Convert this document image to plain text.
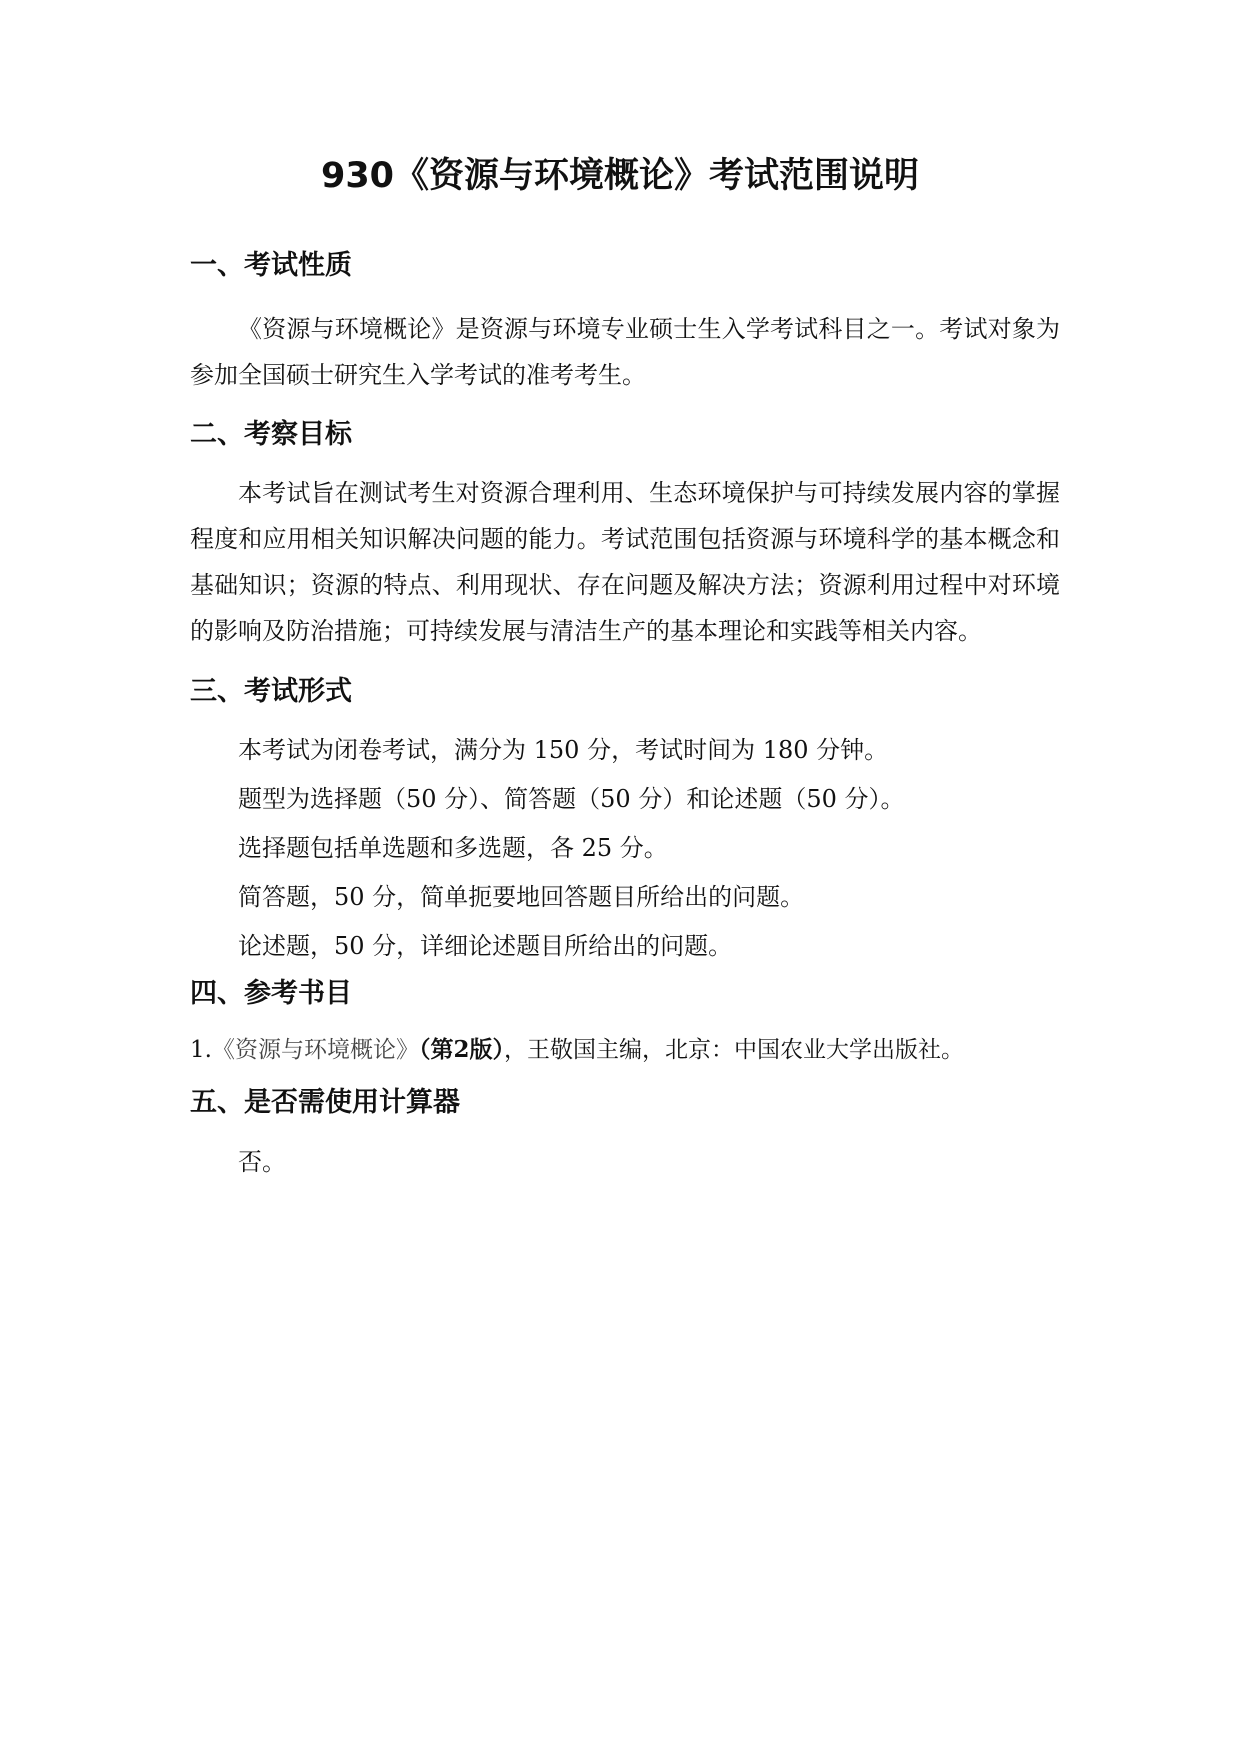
930《资源与环境概论》考试范围说明
一、考试性质

《资源与环境概论》是资源与环境专业硕士生入学考试科目之一。考试对象为参加全国硕士研究生入学考试的准考考生。

二、考察目标

本考试旨在测试考生对资源合理利用、生态环境保护与可持续发展内容的掌握程度和应用相关知识解决问题的能力。考试范围包括资源与环境科学的基本概念和基础知识；资源的特点、利用现状、存在问题及解决方法；资源利用过程中对环境的影响及防治措施；可持续发展与清洁生产的基本理论和实践等相关内容。

三、考试形式

本考试为闭卷考试，满分为 150 分，考试时间为 180 分钟。

题型为选择题（50 分）、简答题（50 分）和论述题（50 分）。

选择题包括单选题和多选题，各 25 分。

简答题，50 分，简单扼要地回答题目所给出的问题。

论述题，50 分，详细论述题目所给出的问题。

四、参考书目

1.《资源与环境概论》（第2版），王敬国主编，北京：中国农业大学出版社。

五、是否需使用计算器

否。
